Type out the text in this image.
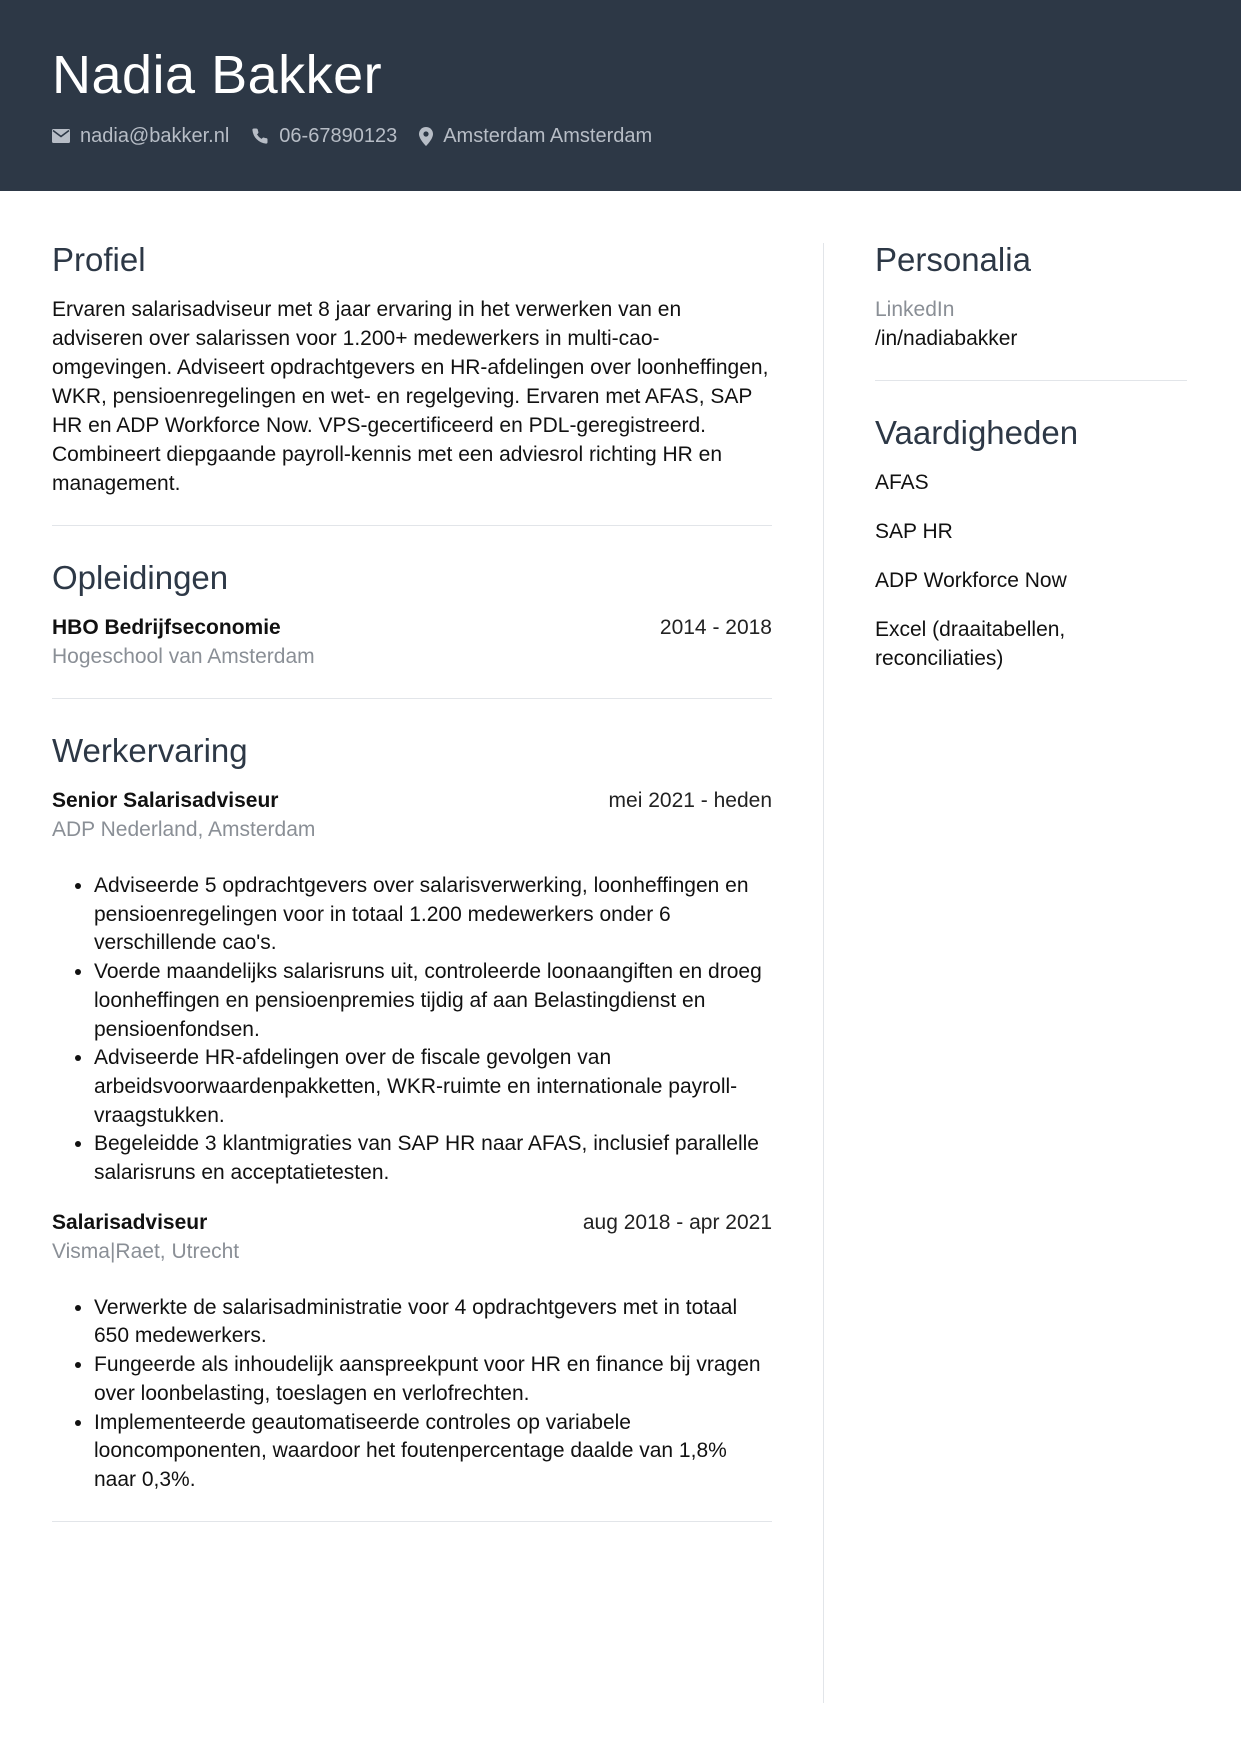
Nadia Bakker
nadia@bakker.nl	06-67890123 Amsterdam Amsterdam
Profiel

Ervaren salarisadviseur met 8 jaar ervaring in het verwerken van en adviseren over salarissen voor 1.200+ medewerkers in multi-cao-omgevingen. Adviseert opdrachtgevers en HR-afdelingen over loonheffingen, WKR, pensioenregelingen en wet- en regelgeving. Ervaren met AFAS, SAP HR en ADP Workforce Now. VPS-gecertificeerd en PDL-geregistreerd. Combineert diepgaande payroll-kennis met een adviesrol richting HR en management.

Opleidingen
HBO Bedrijfseconomie	2014 - 2018
Hogeschool van Amsterdam
Werkervaring
Senior Salarisadviseur	mei 2021 - heden
ADP Nederland, Amsterdam
• Adviseerde 5 opdrachtgevers over salarisverwerking, loonheffingen en pensioenregelingen voor in totaal 1.200 medewerkers onder 6 verschillende cao's.
• Voerde maandelijks salarisruns uit, controleerde loonaangiften en droeg loonheffingen en pensioenpremies tijdig af aan Belastingdienst en pensioenfondsen.
• Adviseerde HR-afdelingen over de fiscale gevolgen van arbeidsvoorwaardenpakketten, WKR-ruimte en internationale payroll-vraagstukken.
• Begeleidde 3 klantmigraties van SAP HR naar AFAS, inclusief parallelle salarisruns en acceptatietesten.
Salarisadviseur	aug 2018 - apr 2021
Visma|Raet, Utrecht
• Verwerkte de salarisadministratie voor 4 opdrachtgevers met in totaal 650 medewerkers.
• Fungeerde als inhoudelijk aanspreekpunt voor HR en finance bij vragen over loonbelasting, toeslagen en verlofrechten.
• Implementeerde geautomatiseerde controles op variabele looncomponenten, waardoor het foutenpercentage daalde van 1,8% naar 0,3%.
Personalia
LinkedIn
/in/nadiabakker
Vaardigheden
AFAS
SAP HR
ADP Workforce Now
Excel (draaitabellen, reconciliaties)
